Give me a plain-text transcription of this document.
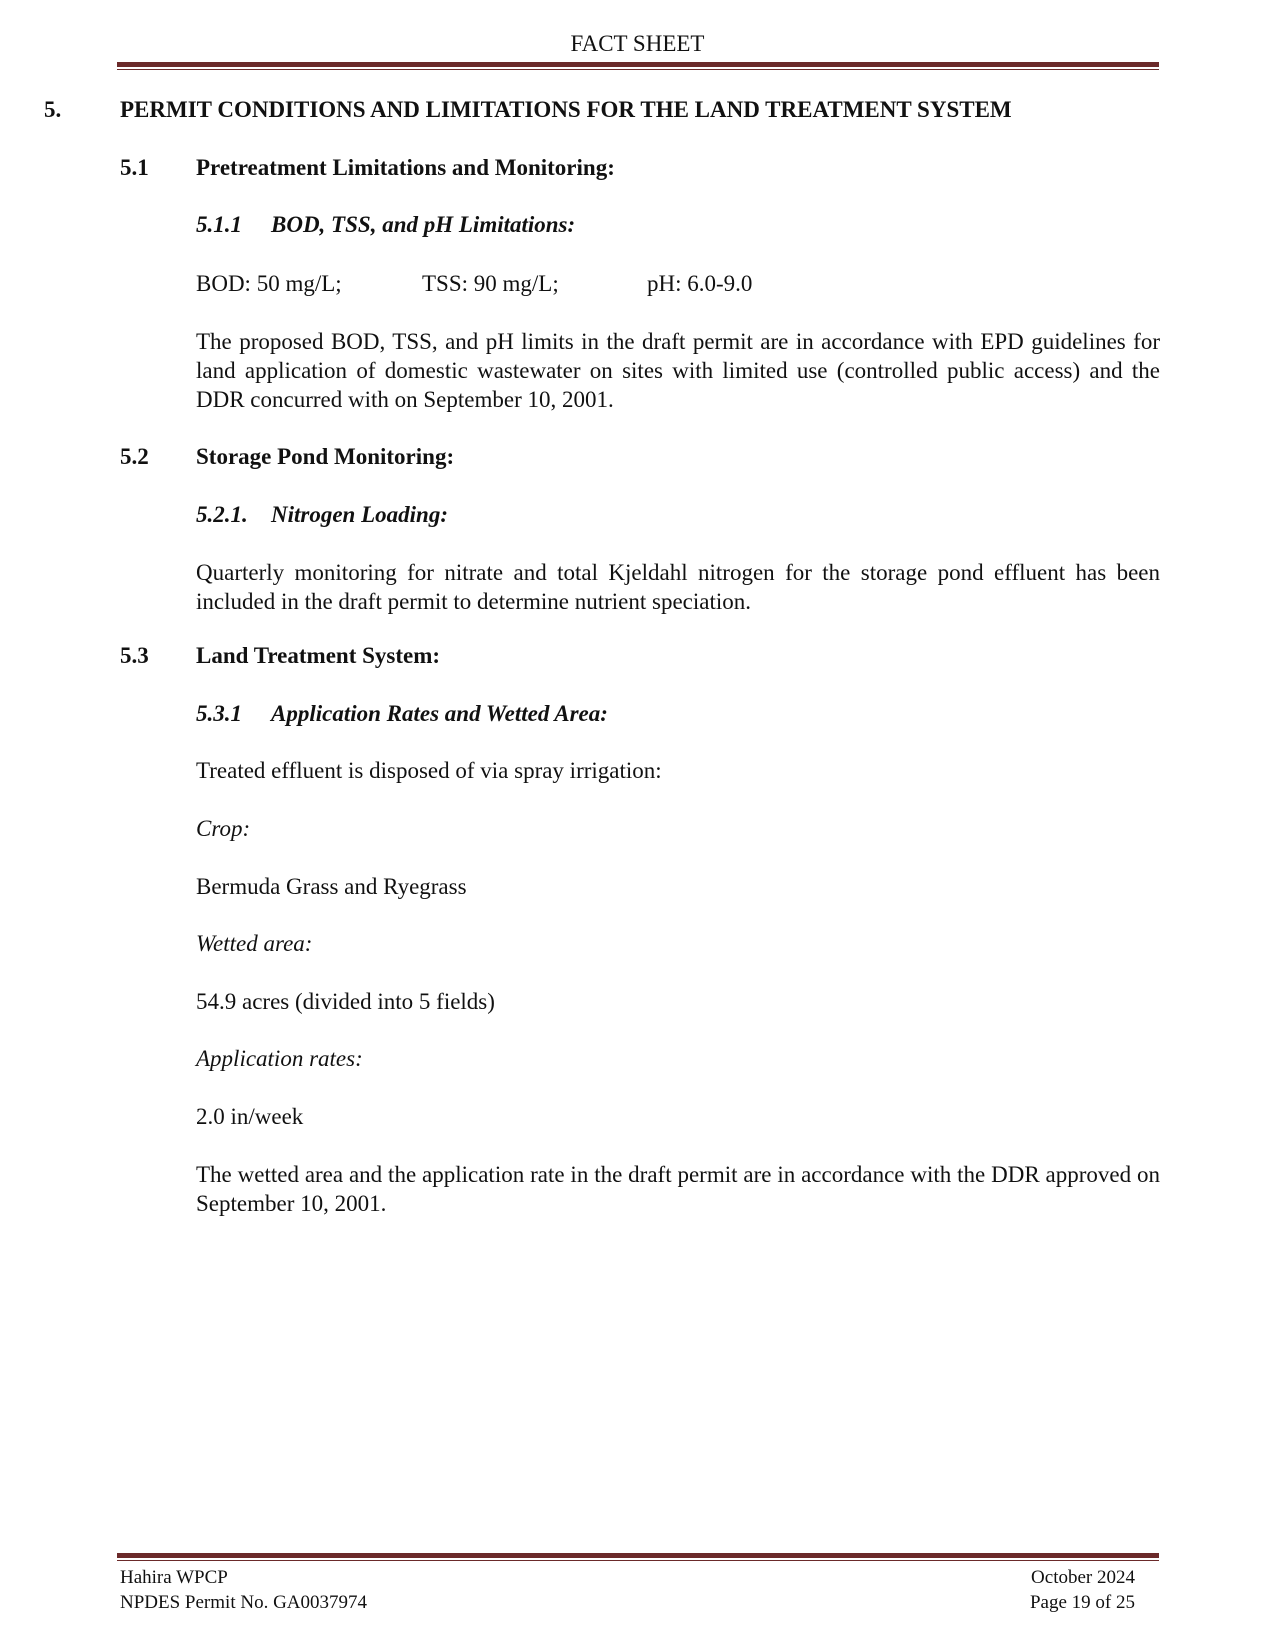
FACT SHEET
5.	PERMIT CONDITIONS AND LIMITATIONS FOR THE LAND TREATMENT SYSTEM
5.1 Pretreatment Limitations and Monitoring:
5.1.1 BOD, TSS, and pH Limitations:
BOD: 50 mg/L;	TSS: 90 mg/L;	pH: 6.0-9.0
The proposed BOD, TSS, and pH limits in the draft permit are in accordance with EPD guidelines for land application of domestic wastewater on sites with limited use (controlled public access) and the DDR concurred with on September 10, 2001.
5.2 Storage Pond Monitoring:
5.2.1. Nitrogen Loading:
Quarterly monitoring for nitrate and total Kjeldahl nitrogen for the storage pond effluent has been included in the draft permit to determine nutrient speciation.
5.3 Land Treatment System:
5.3.1 Application Rates and Wetted Area:
Treated effluent is disposed of via spray irrigation:
Crop:
Bermuda Grass and Ryegrass
Wetted area:
54.9 acres (divided into 5 fields)
Application rates:
2.0 in/week
The wetted area and the application rate in the draft permit are in accordance with the DDR approved on September 10, 2001.
Hahira WPCP
NPDES Permit No. GA0037974
October 2024
Page 19 of 25
